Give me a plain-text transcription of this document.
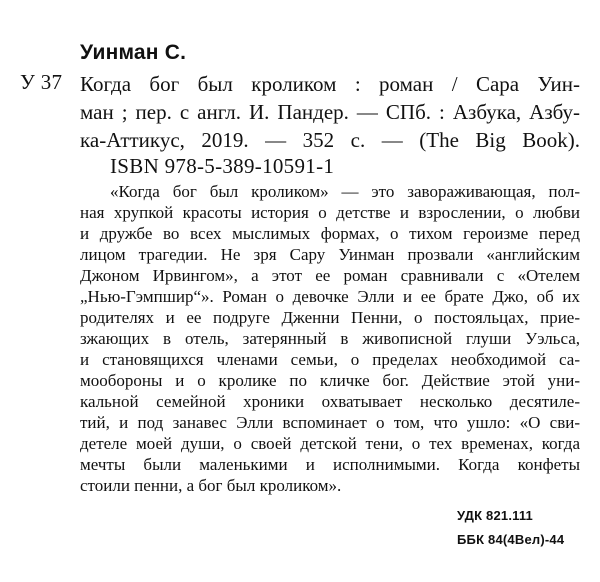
Уинман С.
У 37 Когда бог был кроликом : роман / Сара Уин-
ман ; пер. с англ. И. Пандер. — СПб. : Азбука, Азбу-
ка-Аттикус, 2019. — 352 с. — (The Big Book).
ISBN 978-5-389-10591-1
«Когда бог был кроликом» — это завораживающая, пол-
ная хрупкой красоты история о детстве и взрослении, о любви
и дружбе во всех мыслимых формах, о тихом героизме перед
лицом трагедии. Не зря Сару Уинман прозвали «английским
Джоном Ирвингом», а этот ее роман сравнивали с «Отелем
„Нью-Гэмпшир“». Роман о девочке Элли и ее брате Джо, об их
родителях и ее подруге Дженни Пенни, о постояльцах, прие-
зжающих в отель, затерянный в живописной глуши Уэльса,
и становящихся членами семьи, о пределах необходимой са-
мообороны и о кролике по кличке бог. Действие этой уни-
кальной семейной хроники охватывает несколько десятиле-
тий, и под занавес Элли вспоминает о том, что ушло: «О сви-
детеле моей души, о своей детской тени, о тех временах, когда
мечты были маленькими и исполнимыми. Когда конфеты
стоили пенни, а бог был кроликом».
УДК 821.111
ББК 84(4Вел)-44
